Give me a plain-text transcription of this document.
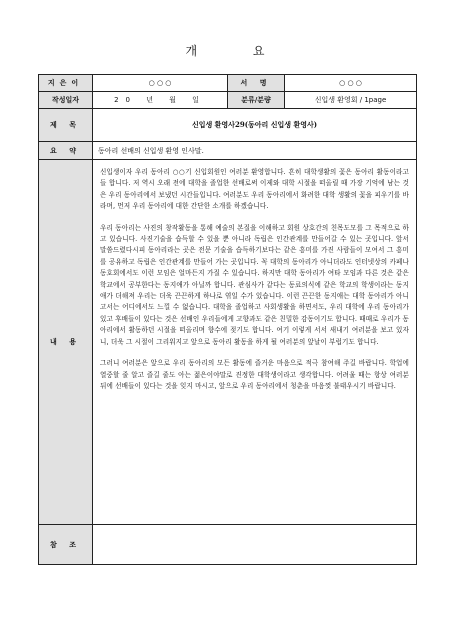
개 요
지은이	○ ○ ○	서 명	○ ○ ○
작성일자	20 년 월 일	분류/분량	신입생 환영회 / 1page
제 목	신입생 환영사29(동아리 신입생 환영사)		
요 약	동아리 선배의 신입생 환영 인사말.		
내 용	신입생이자 우리 동아리 ○○기 신입회원인 여러분 환영합니다. 흔히 대학생활의 꽃은 동아리 활동이라고들 합니다. 저 역시 오래 전에 대학을 졸업한 선배로써 이제와 대학 시절을 떠올릴 때 가장 기억에 남는 것은 우리 동아리에서 보냈던 시간들입니다. 여러분도 우리 동아리에서 화려한 대학 생활의 꽃을 피우기를 바라며, 먼저 우리 동아리에 대한 간단한 소개를 하겠습니다.

우리 동아리는 사진의 창작활동을 통해 예술의 본질을 이해하고 회원 상호간의 친목도모를 그 목적으로 하고 있습니다. 사진기술을 습득할 수 있을 뿐 아니라 독립은 인간관계를 만들어갈 수 있는 곳입니다. 앞서 말씀드렸다시피 동아리라는 곳은 전문 기술을 습득하기보다는 같은 흥미를 가진 사람들이 모여서 그 흥미를 공유하고 독립은 인간관계를 만들어 가는 곳입니다. 꼭 대학의 동아리가 아니더라도 인터넷상의 카페나 동호회에서도 이런 모임은 얼마든지 가질 수 있습니다. 하지만 대학 동아리가 여타 모임과 다른 것은 같은 학교에서 공부한다는 동지애가 아닐까 합니다. 관심사가 같다는 동료의식에 같은 학교의 학생이라는 동지애가 더해져 우리는 더욱 끈끈하게 하나로 엮일 수가 있습니다. 이런 끈끈한 동지애는 대학 동아리가 아니고서는 어디에서도 느낄 수 없습니다. 대학을 졸업하고 사회생활을 하면서도, 우리 대학에 우리 동아리가 있고 후배들이 있다는 것은 선배인 우리들에게 고향과도 같은 친밀한 감동이기도 합니다. 때때로 우리가 동아리에서 활동하던 시절을 떠올리며 향수에 젖기도 합니다. 여기 이렇게 서서 새내기 여러분을 보고 있자니, 더욱 그 시절이 그리워지고 앞으로 동아리 활동을 하게 될 여러분의 앞날이 부럽기도 합니다.

그러니 여러분은 앞으로 우리 동아리의 모든 활동에 즐거운 마음으로 적극 참여해 주길 바랍니다. 학업에 열중할 줄 알고 즐길 줄도 아는 젊은이야말로 진정한 대학생이라고 생각합니다. 어려울 때는 항상 여러분 뒤에 선배들이 있다는 것을 잊지 마시고, 앞으로 우리 동아리에서 청춘을 마음껏 불태우시기 바랍니다.		

참 조			
